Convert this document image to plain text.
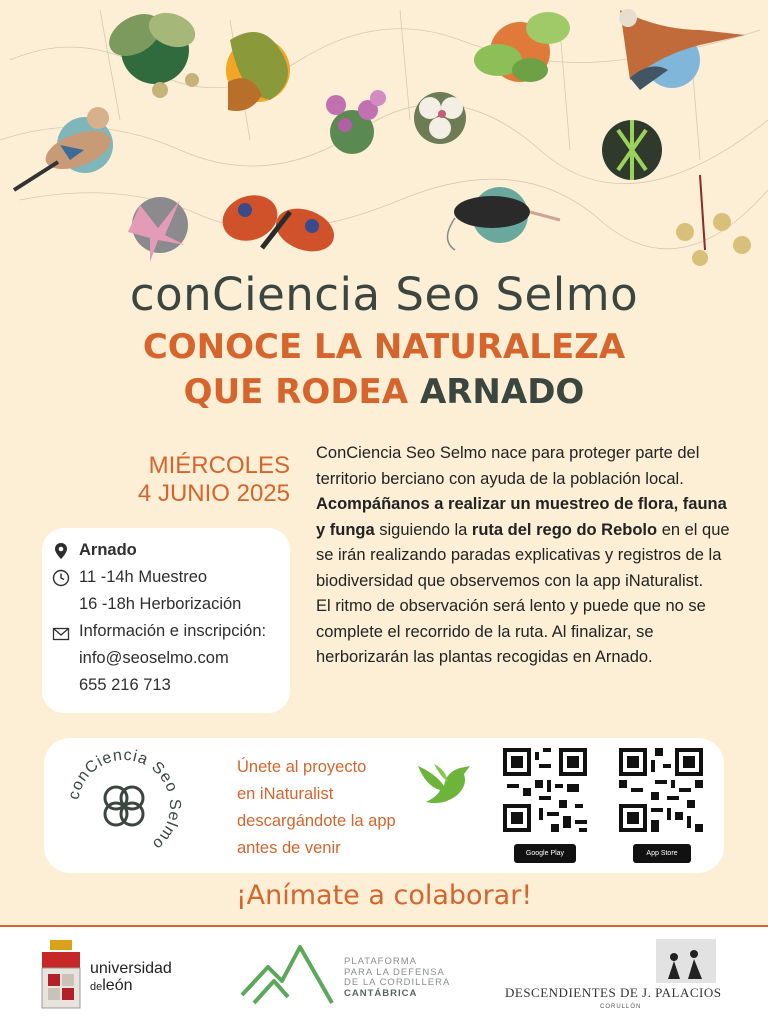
conCiencia Seo Selmo
CONOCE LA NATURALEZA
QUE RODEA ARNADO
MIÉRCOLES
4 JUNIO 2025
Arnado
11 -14h Muestreo
16 -18h Herborización
Información e inscripción:
info@seoselmo.com
655 216 713
ConCiencia Seo Selmo nace para proteger parte del territorio berciano con ayuda de la población local.
Acompáñanos a realizar un muestreo de flora, fauna y funga siguiendo la ruta del rego do Rebolo en el que se irán realizando paradas explicativas y registros de la biodiversidad que observemos con la app iNaturalist.
El ritmo de observación será lento y puede que no se complete el recorrido de la ruta. Al finalizar, se herborizarán las plantas recogidas en Arnado.
conCiencia Seo Selmo
Únete al proyecto
en iNaturalist
descargándote la app
antes de venir	Google Play	App Store
¡Anímate a colaborar!
universidad
deleón
PLATAFORMA
PARA LA DEFENSA
DE LA CORDILLERA
CANTÁBRICA	DESCENDIENTES DE J. PALACIOS
CORULLÓN
